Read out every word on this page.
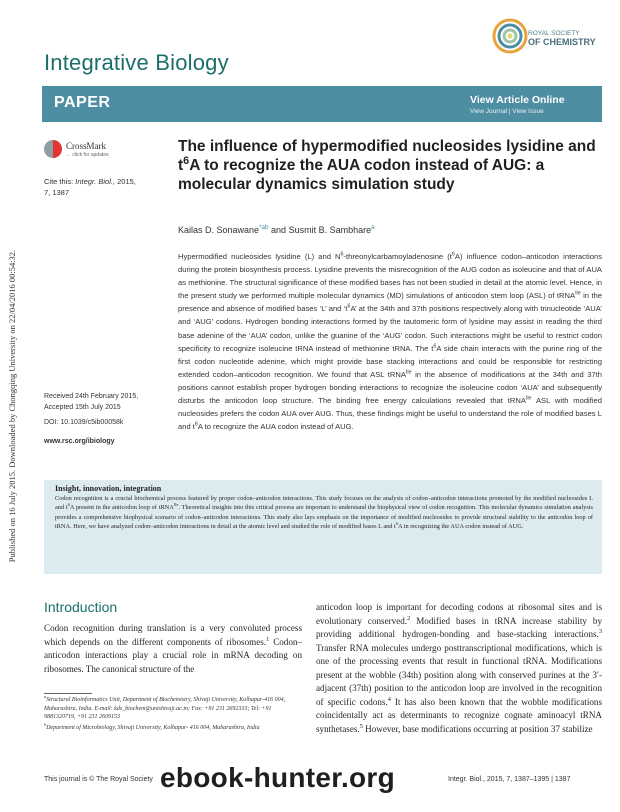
Published on 16 July 2015. Downloaded by Chongqing University on 22/04/2016 00:54:32.
Integrative Biology
ROYAL SOCIETY
OF CHEMISTRY
PAPER	View Article Online
View Journal | View Issue
CrossMark
← click for updates
Cite this: Integr. Biol., 2015,
7, 1387
The influence of hypermodified nucleosides lysidine and $t^6A$ to recognize the AUA codon instead of AUG: a molecular dynamics simulation study
Kailas D. Sonawane$^{*ab}$ and Susmit B. Sambhare$^a$
Hypermodified nucleosides lysidine (L) and $N^6$-threonylcarbamoyladenosine $(t^6A)$ influence codon–anticodon interactions during the protein biosynthesis process. Lysidine prevents the misrecognition of the AUG codon as isoleucine and that of AUA as methionine. The structural significance of these modified bases has not been studied in detail at the atomic level. Hence, in the present study we performed multiple molecular dynamics (MD) simulations of anticodon stem loop (ASL) of tRNA$^{Ile}$ in the presence and absence of modified bases ‘L’ and ‘$t^6A$’ at the 34th and 37th positions respectively along with trinucleotide ‘AUA’ and ‘AUG’ codons. Hydrogen bonding interactions formed by the tautomeric form of lysidine may assist in reading the third base adenine of the ‘AUA’ codon, unlike the guanine of the ‘AUG’ codon. Such interactions might be useful to restrict codon specificity to recognize isoleucine tRNA instead of methionine tRNA. The $t^6A$ side chain interacts with the purine ring of the first codon nucleotide adenine, which might provide base stacking interactions and could be responsible for restricting extended codon–anticodon recognition. We found that ASL tRNA$^{Ile}$ in the absence of modifications at the 34th and 37th positions cannot establish proper hydrogen bonding interactions to recognize the isoleucine codon ‘AUA’ and subsequently disturbs the anticodon loop structure. The binding free energy calculations revealed that tRNA$^{Ile}$ ASL with modified nucleosides prefers the codon AUA over AUG. Thus, these findings might be useful to understand the role of modified bases L and $t^6A$ to recognize the AUA codon instead of AUG.
Received 24th February 2015,
Accepted 15th July 2015
DOI: 10.1039/c5ib00058k
www.rsc.org/ibiology
Insight, innovation, integration
Codon recognition is a crucial biochemical process featured by proper codon–anticodon interactions. This study focuses on the analysis of codon–anticodon interactions promoted by the modified nucleosides L and $t^6A$ present in the anticodon loop of tRNA$^{Ile}$. Theoretical insights into this critical process are important to understand the biophysical view of codon recognition. This molecular dynamics simulation analysis provides a comprehensive biophysical scenario of codon–anticodon interactions. This study also lays emphasis on the importance of modified nucleosides to provide structural stability to the anticodon loop of tRNA. Here, we have analyzed codon–anticodon interactions in detail at the atomic level and studied the role of modified bases L and $t^6A$ in recognizing the AUA codon instead of AUG.
Introduction
Codon recognition during translation is a very convoluted process which depends on the different components of ribosomes.$^1$ Codon–anticodon interactions play a crucial role in mRNA decoding on ribosomes. The canonical structure of the
anticodon loop is important for decoding codons at ribosomal sites and is evolutionary conserved.$^2$ Modified bases in tRNA increase stability by providing additional hydrogen-bonding and base-stacking interactions.$^3$ Transfer RNA molecules undergo posttranscriptional modifications, which is one of the processing events that result in functional tRNA. Modifications present at the wobble (34th) position along with conserved purines at the 3′-adjacent (37th) position to the anticodon loop are involved in the recognition of specific codons.$^4$ It has also been known that the wobble modifications coincidentally act as determinants to recognize cognate aminoacyl tRNA synthetases.$^5$ However, base modifications occurring at position 37 stabilize
$^a$Structural Bioinformatics Unit, Department of Biochemistry, Shivaji University, Kolhapur-416 004, Maharashtra, India. E-mail: kds_biochem@unishivaji.ac.in; Fax: +91 231 2692333; Tel: +91 9881320719, +91 231 2609153
$^b$Department of Microbiology, Shivaji University, Kolhapur- 416 004, Maharashtra, India
This journal is © The Royal Society	Integr. Biol., 2015, 7, 1387–1395 | 1387
ebook-hunter.org
